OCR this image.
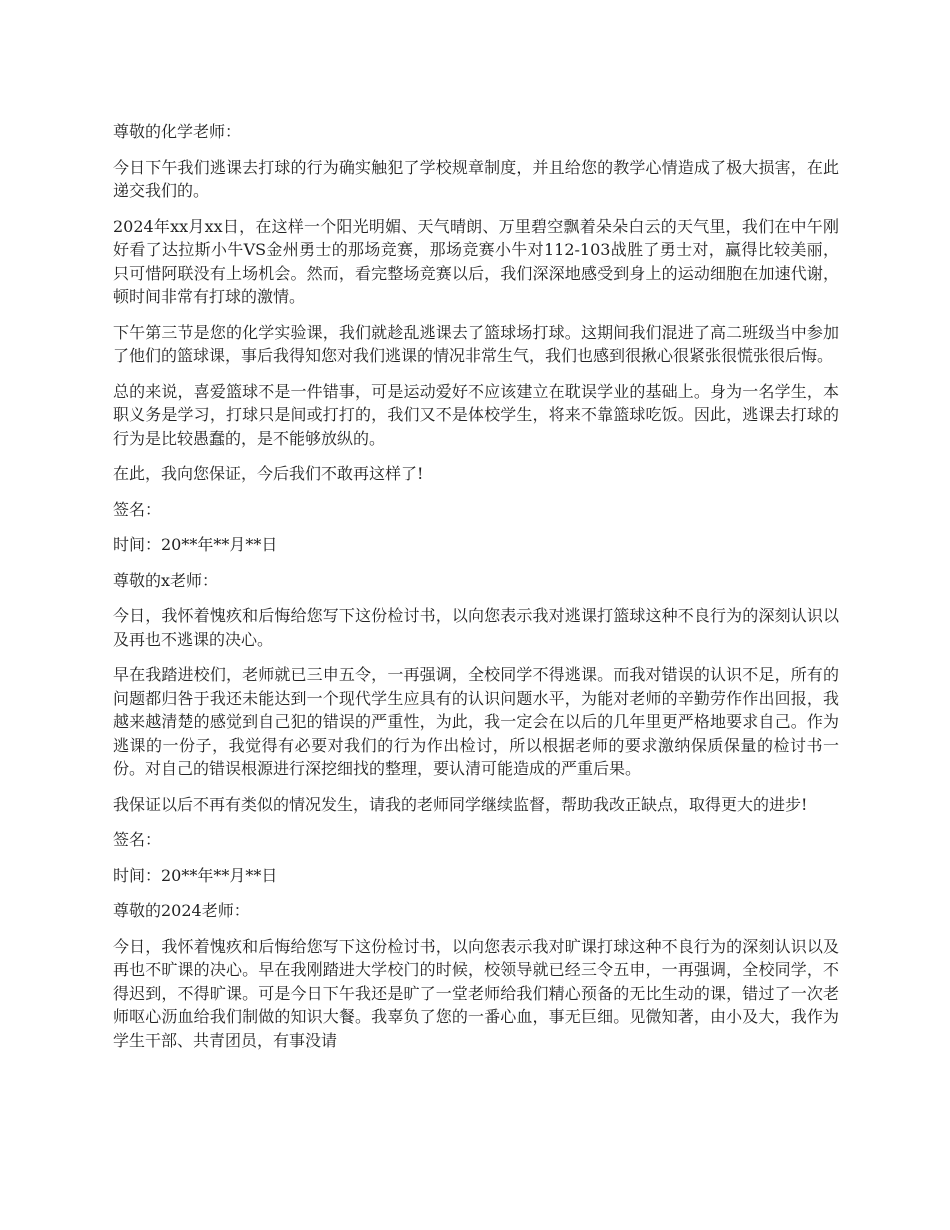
尊敬的化学老师：

今日下午我们逃课去打球的行为确实触犯了学校规章制度，并且给您的教学心情造成了极大损害，在此递交我们的。

2024年xx月xx日，在这样一个阳光明媚、天气晴朗、万里碧空飘着朵朵白云的天气里，我们在中午刚好看了达拉斯小牛VS金州勇士的那场竞赛，那场竞赛小牛对112-103战胜了勇士对，赢得比较美丽，只可惜阿联没有上场机会。然而，看完整场竞赛以后，我们深深地感受到身上的运动细胞在加速代谢，顿时间非常有打球的激情。

下午第三节是您的化学实验课，我们就趁乱逃课去了篮球场打球。这期间我们混进了高二班级当中参加了他们的篮球课，事后我得知您对我们逃课的情况非常生气，我们也感到很揪心很紧张很慌张很后悔。

总的来说，喜爱篮球不是一件错事，可是运动爱好不应该建立在耽误学业的基础上。身为一名学生，本职义务是学习，打球只是间或打打的，我们又不是体校学生，将来不靠篮球吃饭。因此，逃课去打球的行为是比较愚蠢的，是不能够放纵的。

在此，我向您保证，今后我们不敢再这样了!

签名：

时间：20**年**月**日

尊敬的x老师：

今日，我怀着愧疚和后悔给您写下这份检讨书，以向您表示我对逃课打篮球这种不良行为的深刻认识以及再也不逃课的决心。

早在我踏进校们，老师就已三申五令，一再强调，全校同学不得逃课。而我对错误的认识不足，所有的问题都归咎于我还未能达到一个现代学生应具有的认识问题水平，为能对老师的辛勤劳作作出回报，我越来越清楚的感觉到自己犯的错误的严重性，为此，我一定会在以后的几年里更严格地要求自己。作为逃课的一份子，我觉得有必要对我们的行为作出检讨，所以根据老师的要求激纳保质保量的检讨书一份。对自己的错误根源进行深挖细找的整理，要认清可能造成的严重后果。

我保证以后不再有类似的情况发生，请我的老师同学继续监督，帮助我改正缺点，取得更大的进步!

签名：

时间：20**年**月**日

尊敬的2024老师：

今日，我怀着愧疚和后悔给您写下这份检讨书，以向您表示我对旷课打球这种不良行为的深刻认识以及再也不旷课的决心。早在我刚踏进大学校门的时候，校领导就已经三令五申，一再强调，全校同学，不得迟到，不得旷课。可是今日下午我还是旷了一堂老师给我们精心预备的无比生动的课，错过了一次老师呕心沥血给我们制做的知识大餐。我辜负了您的一番心血，事无巨细。见微知著，由小及大，我作为学生干部、共青团员，有事没请
